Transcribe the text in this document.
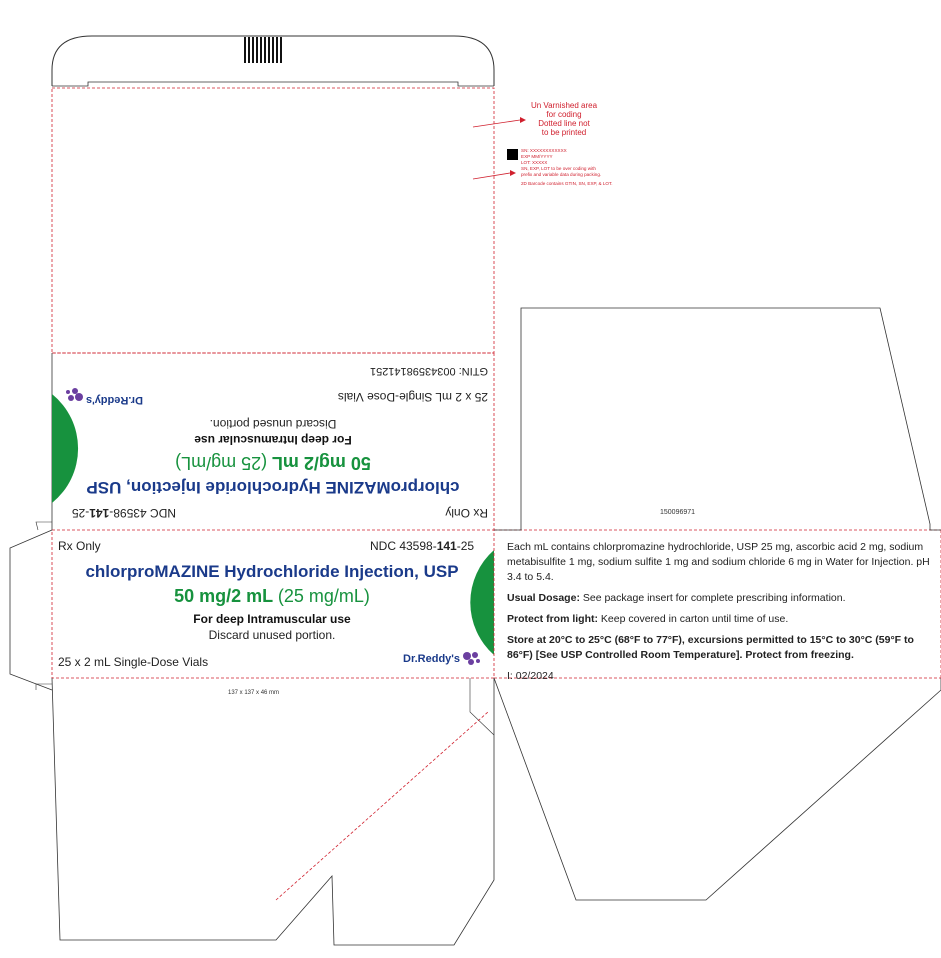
Rx Only
NDC 43598-141-25
chlorproMAZINE Hydrochloride Injection, USP
50 mg/2 mL (25 mg/mL)
For deep Intramuscular use
Discard unused portion.
25 x 2 mL Single-Dose Vials
Dr.Reddy's
GTIN: 00343598141251
Rx Only	NDC 43598-141-25
chlorproMAZINE Hydrochloride Injection, USP
50 mg/2 mL (25 mg/mL)
For deep Intramuscular use
Discard unused portion.
25 x 2 mL Single-Dose Vials	Dr.Reddy's

Each mL contains chlorpromazine hydrochloride, USP 25 mg, ascorbic acid 2 mg, sodium metabisulfite 1 mg, sodium sulfite 1 mg and sodium chloride 6 mg in Water for Injection. pH 3.4 to 5.4.

Usual Dosage: See package insert for complete prescribing information.

Protect from light: Keep covered in carton until time of use.

Store at 20°C to 25°C (68°F to 77°F), excursions permitted to 15°C to 30°C (59°F to 86°F) [See USP Controlled Room Temperature]. Protect from freezing.

I: 02/2024

150096971
137 x 137 x 46 mm
Un Varnished area
for coding
Dotted line not
to be printed
SN: XXXXXXXXXXXX
EXP MM/YYYY
LOT: XXXXX
SN, EXP, LOT to be over coding with
prefix and variable data during packing.
2D Barcode contains GTIN, SN, EXP, & LOT.
